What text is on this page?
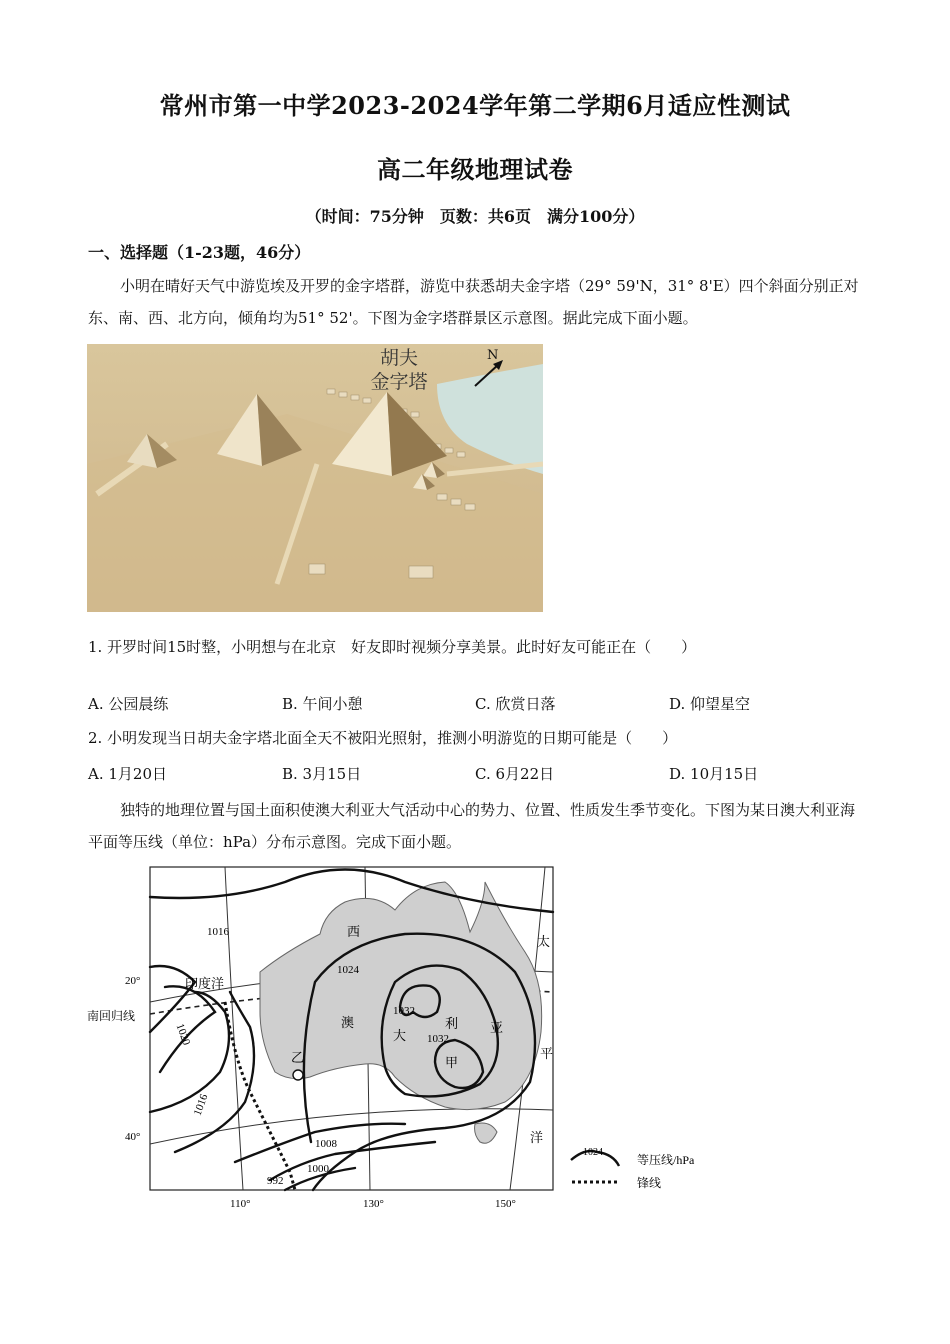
常州市第一中学2023-2024学年第二学期6月适应性测试
高二年级地理试卷
（时间：75分钟　页数：共6页　满分100分）
一、选择题（1-23题，46分）
小明在晴好天气中游览埃及开罗的金字塔群，游览中获悉胡夫金字塔（29° 59'N，31° 8'E）四个斜面分别正对东、南、西、北方向，倾角均为51° 52'。下图为金字塔群景区示意图。据此完成下面小题。
胡夫
金字塔
N
1. 开罗时间15时整，小明想与在北京　好友即时视频分享美景。此时好友可能正在（　　）
A. 公园晨练	B. 午间小憩	C. 欣赏日落	D. 仰望星空
2. 小明发现当日胡夫金字塔北面全天不被阳光照射，推测小明游览的日期可能是（　　）
A. 1月20日	B. 3月15日	C. 6月22日	D. 10月15日
独特的地理位置与国土面积使澳大利亚大气活动中心的势力、位置、性质发生季节变化。下图为某日澳大利亚海平面等压线（单位：hPa）分布示意图。完成下面小题。
1016
1024
1020
1016
1032
1032
1008
1000
992
20°
40°
110°	130°	150°
南回归线
印度洋
太
平
洋
西
澳
大
利 亚
乙	甲
1024
等压线/hPa
锋线
